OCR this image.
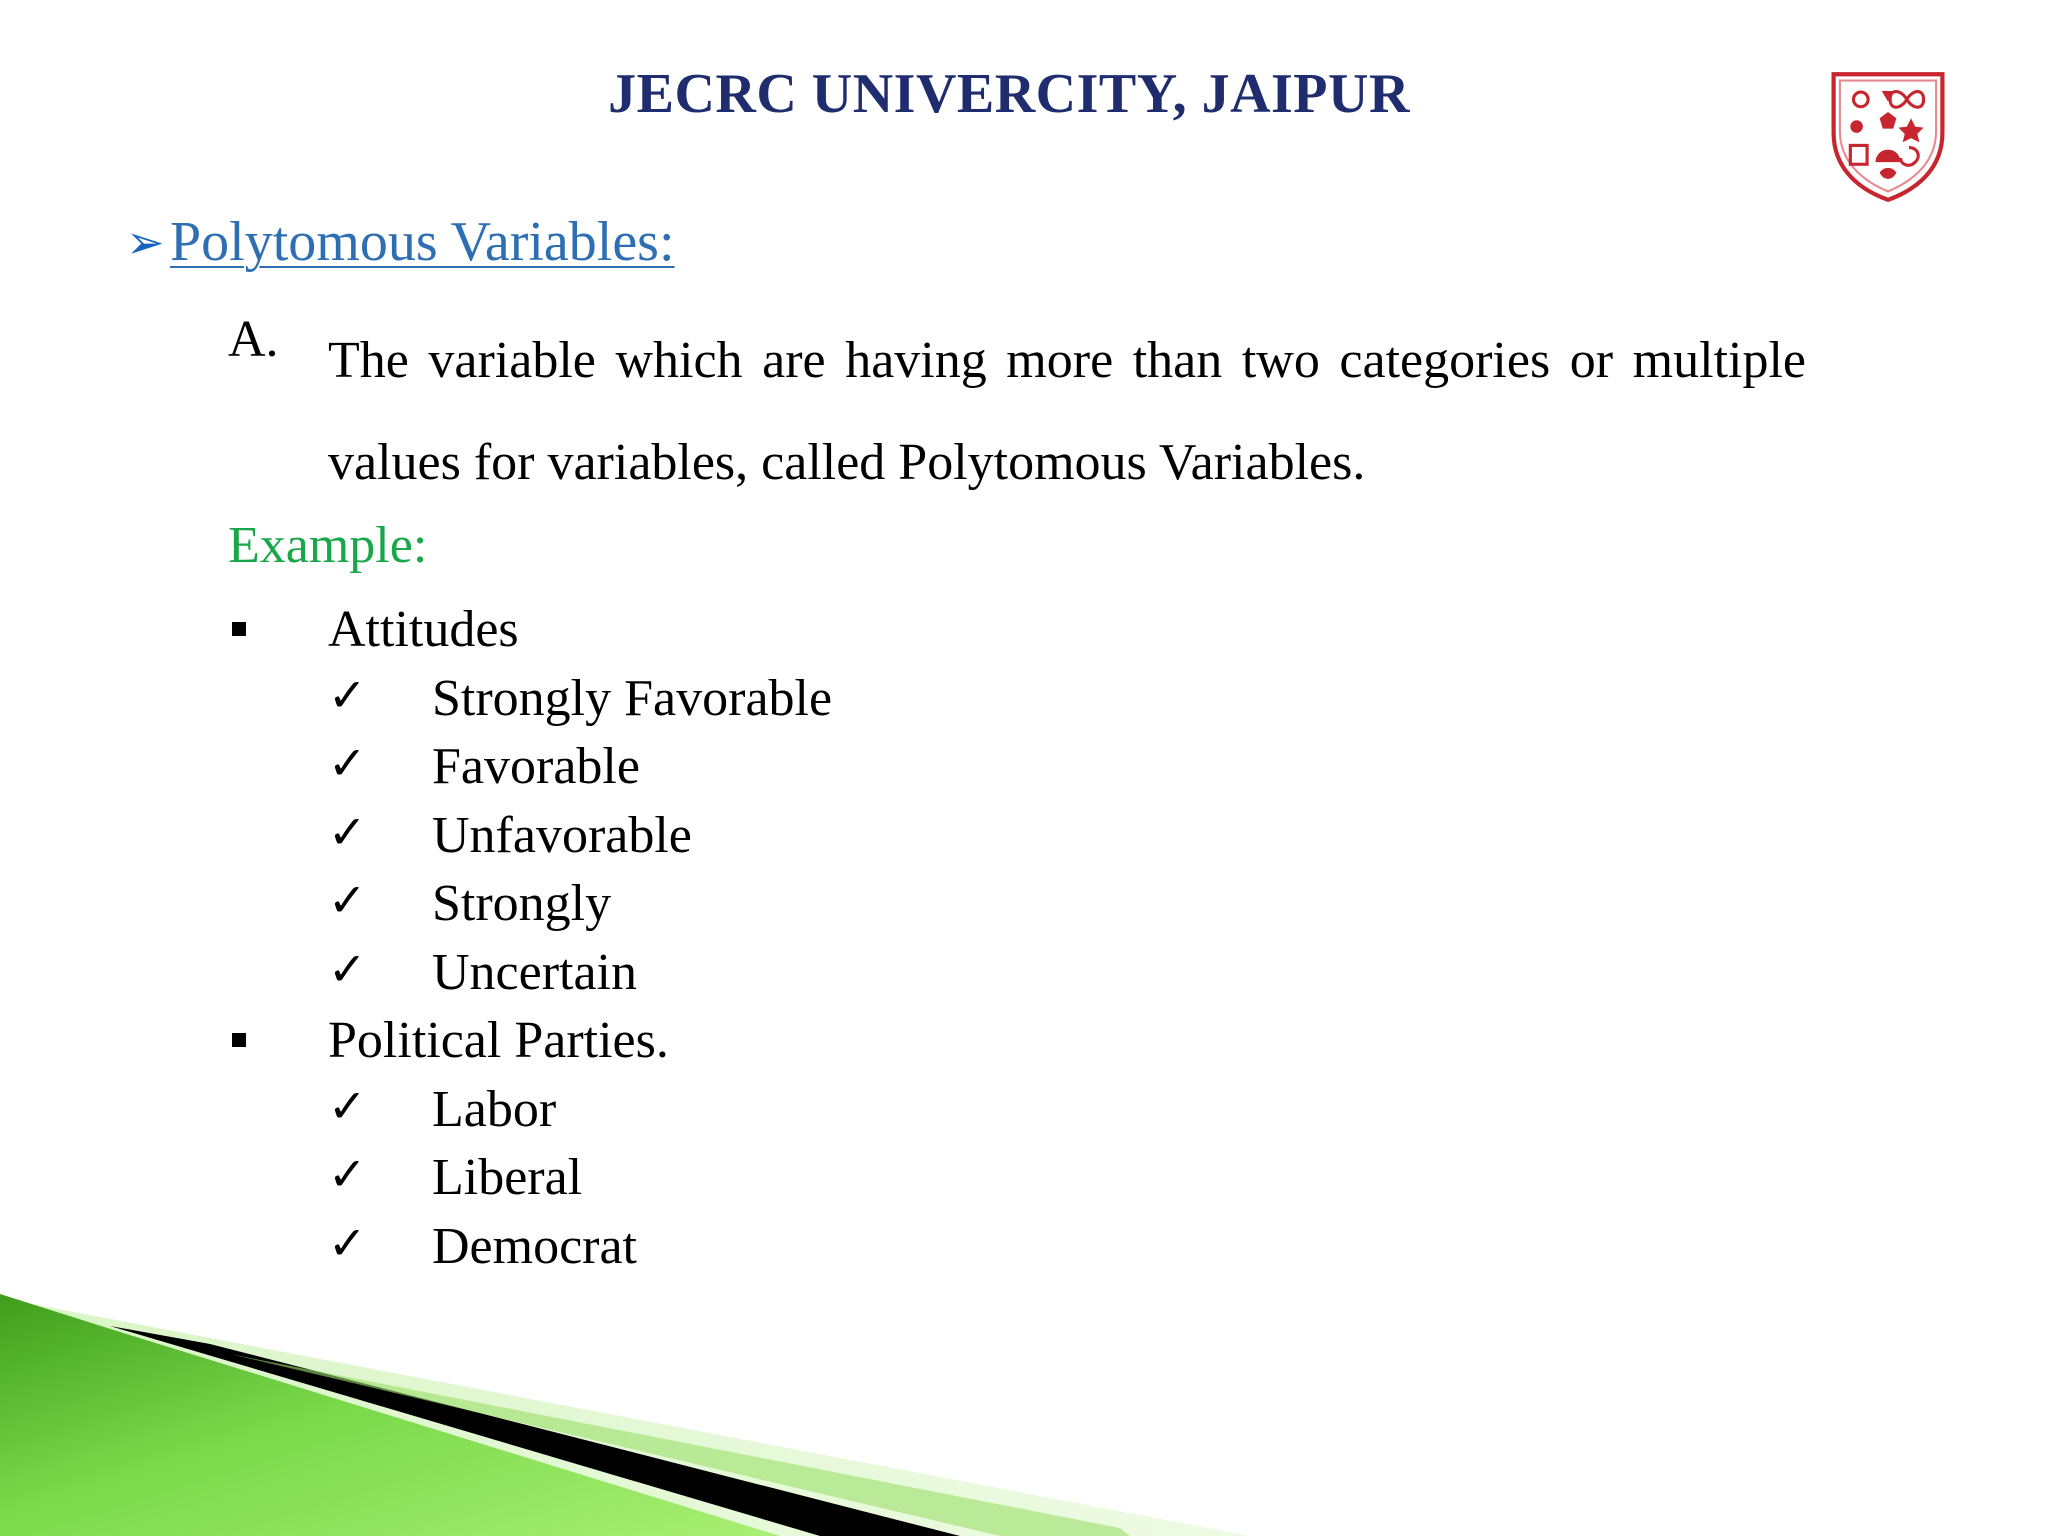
JECRC UNIVERCITY, JAIPUR
➢Polytomous Variables:
A. The variable which are having more than two categories or multiple values for variables, called Polytomous Variables.
Example:
Attitudes
✓ Strongly Favorable
✓ Favorable
✓ Unfavorable
✓ Strongly
✓ Uncertain
Political Parties.
✓ Labor
✓ Liberal
✓ Democrat
